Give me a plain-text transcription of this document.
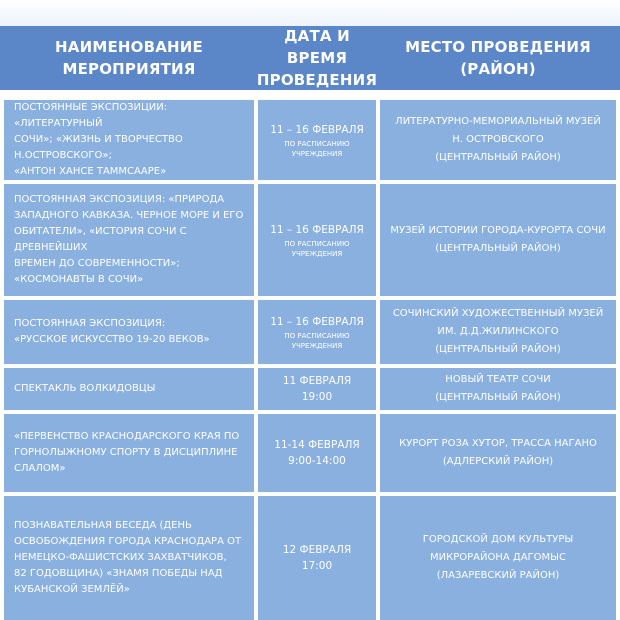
НАИМЕНОВАНИЕ
МЕРОПРИЯТИЯ
ДАТА И ВРЕМЯ
ПРОВЕДЕНИЯ
МЕСТО ПРОВЕДЕНИЯ
(РАЙОН)
ПОСТОЯННЫЕ ЭКСПОЗИЦИИ: «ЛИТЕРАТУРНЫЙ
СОЧИ»; «ЖИЗНЬ И ТВОРЧЕСТВО Н.ОСТРОВСКОГО»;
«АНТОН ХАНСЕ ТАММСААРЕ»
11 – 16 ФЕВРАЛЯ
ПО РАСПИСАНИЮ
УЧРЕЖДЕНИЯ
ЛИТЕРАТУРНО-МЕМОРИАЛЬНЫЙ МУЗЕЙ
Н. ОСТРОВСКОГО
(ЦЕНТРАЛЬНЫЙ РАЙОН)
ПОСТОЯННАЯ ЭКСПОЗИЦИЯ: «ПРИРОДА
ЗАПАДНОГО КАВКАЗА. ЧЕРНОЕ МОРЕ И ЕГО
ОБИТАТЕЛИ», «ИСТОРИЯ СОЧИ С ДРЕВНЕЙШИХ
ВРЕМЕН ДО СОВРЕМЕННОСТИ»;
«КОСМОНАВТЫ В СОЧИ»
11 – 16 ФЕВРАЛЯ
ПО РАСПИСАНИЮ
УЧРЕЖДЕНИЯ
МУЗЕЙ ИСТОРИИ ГОРОДА-КУРОРТА СОЧИ
(ЦЕНТРАЛЬНЫЙ РАЙОН)
ПОСТОЯННАЯ ЭКСПОЗИЦИЯ:
«РУССКОЕ ИСКУССТВО 19-20 ВЕКОВ»
11 – 16 ФЕВРАЛЯ
ПО РАСПИСАНИЮ
УЧРЕЖДЕНИЯ
СОЧИНСКИЙ ХУДОЖЕСТВЕННЫЙ МУЗЕЙ
ИМ. Д.Д.ЖИЛИНСКОГО
(ЦЕНТРАЛЬНЫЙ РАЙОН)
СПЕКТАКЛЬ ВОЛКИДОВЦЫ
11 ФЕВРАЛЯ
19:00
НОВЫЙ ТЕАТР СОЧИ
(ЦЕНТРАЛЬНЫЙ РАЙОН)
«ПЕРВЕНСТВО КРАСНОДАРСКОГО КРАЯ ПО
ГОРНОЛЫЖНОМУ СПОРТУ В ДИСЦИПЛИНЕ
СЛАЛОМ»
11-14 ФЕВРАЛЯ
9:00-14:00
КУРОРТ РОЗА ХУТОР, ТРАССА НАГАНО
(АДЛЕРСКИЙ РАЙОН)
ПОЗНАВАТЕЛЬНАЯ БЕСЕДА (ДЕНЬ
ОСВОБОЖДЕНИЯ ГОРОДА КРАСНОДАРА ОТ
НЕМЕЦКО-ФАШИСТСКИХ ЗАХВАТЧИКОВ,
82 ГОДОВЩИНА) «ЗНАМЯ ПОБЕДЫ НАД
КУБАНСКОЙ ЗЕМЛЁЙ»
12 ФЕВРАЛЯ
17:00
ГОРОДСКОЙ ДОМ КУЛЬТУРЫ
МИКРОРАЙОНА ДАГОМЫС
(ЛАЗАРЕВСКИЙ РАЙОН)
